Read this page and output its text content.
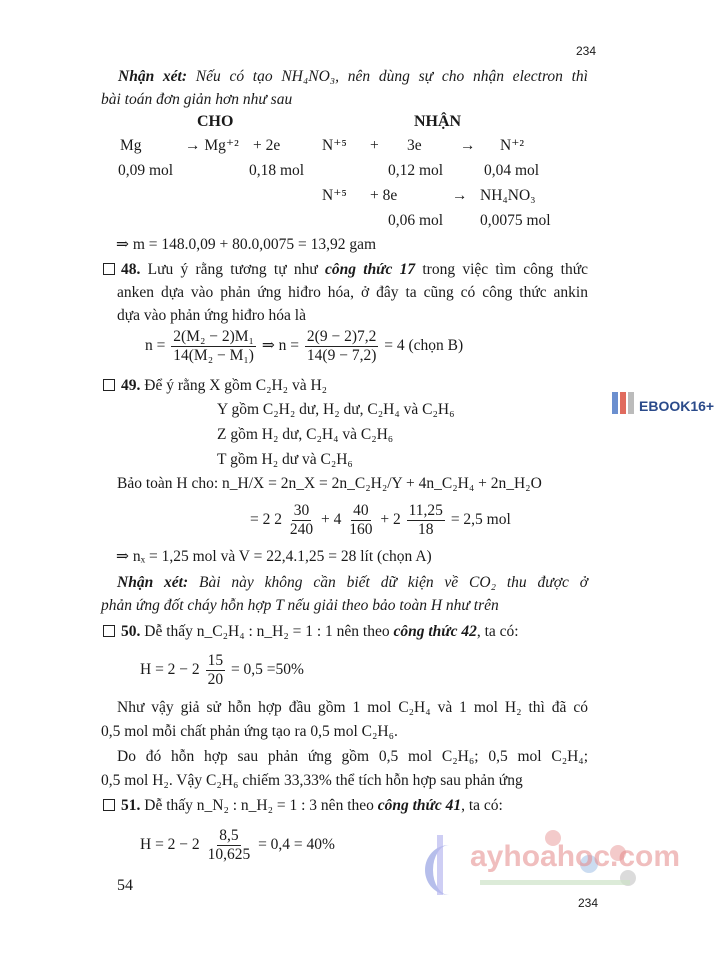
234
Nhận xét: Nếu có tạo NH₄NO₃, nên dùng sự cho nhận electron thì
bài toán đơn giản hơn như sau
CHO	NHẬN
Mg	→ Mg⁺² + 2e	N⁺⁵ + 3e → N⁺²
0,09 mol	0,18 mol	0,12 mol	0,04 mol
N⁺⁵ + 8e	→ NH₄NO₃
0,06 mol 0,0075 mol
⇒ m = 148.0,09 + 80.0,0075 = 13,92 gam
48. Lưu ý rằng tương tự như công thức 17 trong việc tìm công thức
anken dựa vào phản ứng hiđro hóa, ở đây ta cũng có công thức ankin
dựa vào phản ứng hiđro hóa là
$n = \frac{\text{2(M₂ − 2)M₁}}{\text{14(M₂ − M₁)}}$ ⇒ $n = \frac{2(9 - 2)7,2}{14(9 - 7,2)} = 4$ (chọn B)
49. Để ý rằng X gồm C₂H₂ và H₂
Y gồm C₂H₂ dư, H₂ dư, C₂H₄ và C₂H₆
Z gồm H₂ dư, C₂H₄ và C₂H₆
T gồm H₂ dư và C₂H₆
Bảo toàn H cho: n_H/X = 2n_X = 2n_C₂H₂/Y + 4n_C₂H₄ + 2n_H₂O
= 2 $2 \frac{30}{240} + 4 \frac{40}{160} + 2 \frac{11,25}{18} = 2,5$ mol
⇒ nₓ = 1,25 mol và V = 22,4.1,25 = 28 lít (chọn A)
Nhận xét: Bài này không cần biết dữ kiện về CO₂ thu được ở
phản ứng đốt cháy hỗn hợp T nếu giải theo bảo toàn H như trên
50. Dễ thấy n_C₂H₄ : n_H₂ = 1 : 1 nên theo công thức 42, ta có:
$H = 2 - 2 \frac{15}{20} = 0,5 =50\%$
Như vậy giả sử hỗn hợp đầu gồm 1 mol C₂H₄ và 1 mol H₂ thì đã có
0,5 mol mỗi chất phản ứng tạo ra 0,5 mol C₂H₆.
Do đó hỗn hợp sau phản ứng gồm 0,5 mol C₂H₆; 0,5 mol C₂H₄;
0,5 mol H₂. Vậy C₂H₆ chiếm 33,33% thể tích hỗn hợp sau phản ứng
51. Dễ thấy n_N₂ : n_H₂ = 1 : 3 nên theo công thức 41, ta có:
$H = 2 - 2 \frac{8,5}{10,625} = 0,4 = 40\%$
54
ayhoahoc.com
234
EBOOK16+
